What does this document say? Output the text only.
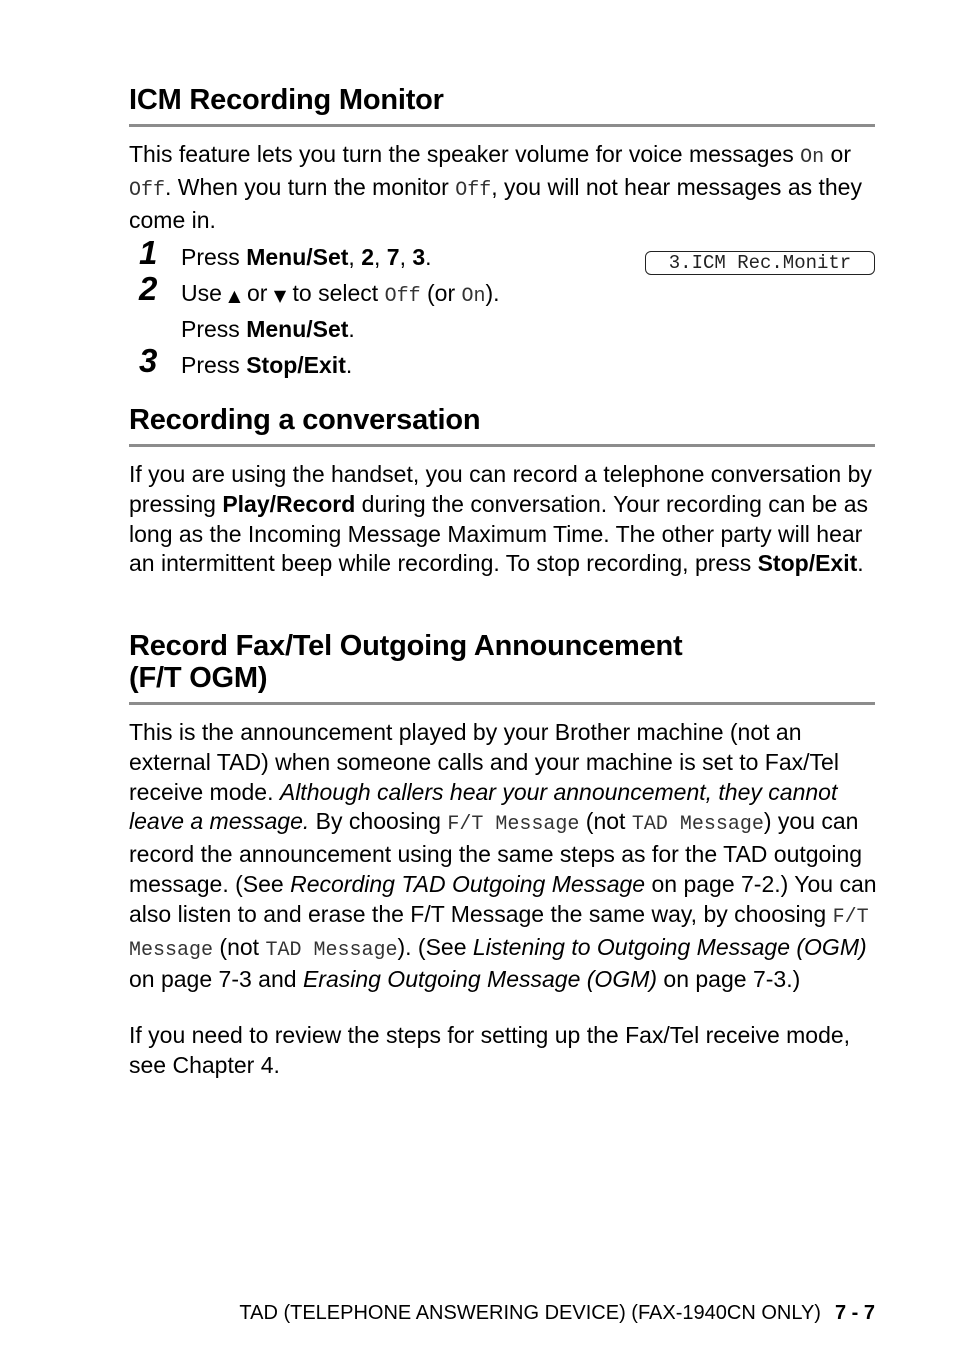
ICM Recording Monitor

This feature lets you turn the speaker volume for voice messages On or Off. When you turn the monitor Off, you will not hear messages as they come in.

3.ICM Rec.Monitr
1 Press Menu/Set, 2, 7, 3.
2 Use ▲ or ▼ to select Off (or On).
Press Menu/Set.
3 Press Stop/Exit.
Recording a conversation

If you are using the handset, you can record a telephone conversation by pressing Play/Record during the conversation. Your recording can be as long as the Incoming Message Maximum Time. The other party will hear an intermittent beep while recording. To stop recording, press Stop/Exit.

Record Fax/Tel Outgoing Announcement
(F/T OGM)

This is the announcement played by your Brother machine (not an external TAD) when someone calls and your machine is set to Fax/Tel receive mode. Although callers hear your announcement, they cannot leave a message. By choosing F/T Message (not TAD Message) you can record the announcement using the same steps as for the TAD outgoing message. (See Recording TAD Outgoing Message on page 7-2.) You can also listen to and erase the F/T Message the same way, by choosing F/T Message (not TAD Message). (See Listening to Outgoing Message (OGM) on page 7-3 and Erasing Outgoing Message (OGM) on page 7-3.)

If you need to review the steps for setting up the Fax/Tel receive mode, see Chapter 4.

TAD (TELEPHONE ANSWERING DEVICE) (FAX-1940CN ONLY) 7 - 7
